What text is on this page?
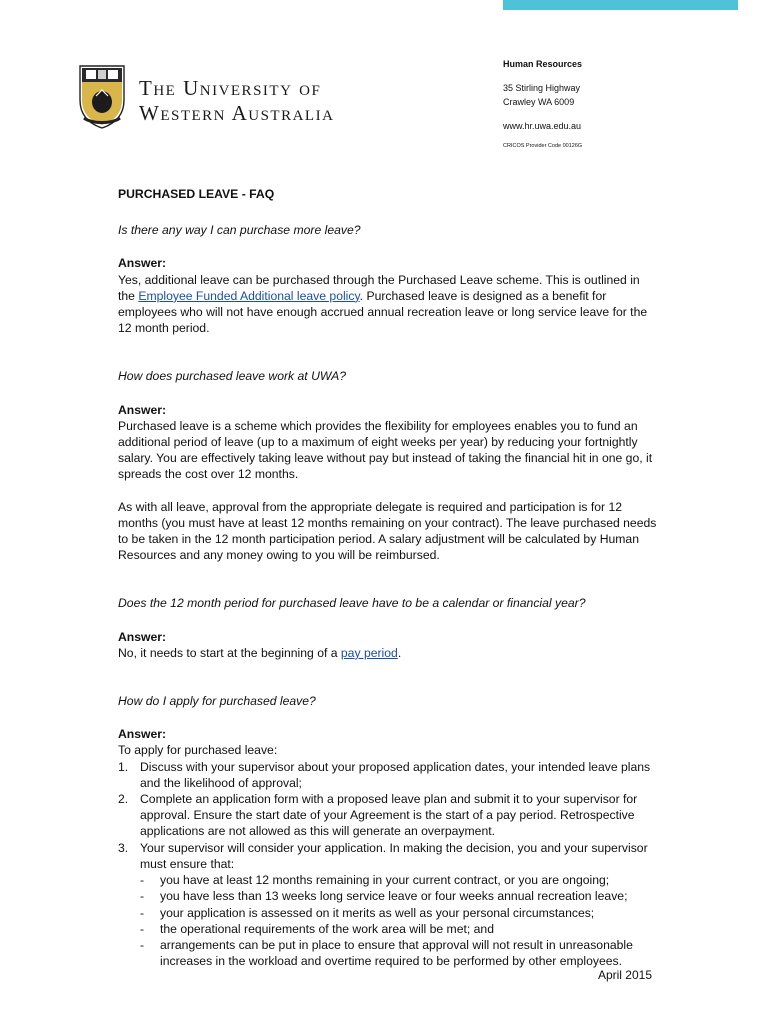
The University of
Western Australia
Human Resources
35 Stirling Highway
Crawley WA 6009
www.hr.uwa.edu.au
CRICOS Provider Code 00126G

PURCHASED LEAVE - FAQ

Is there any way I can purchase more leave?

Answer:

Yes, additional leave can be purchased through the Purchased Leave scheme. This is outlined in the Employee Funded Additional leave policy. Purchased leave is designed as a benefit for employees who will not have enough accrued annual recreation leave or long service leave for the 12 month period.

How does purchased leave work at UWA?

Answer:

Purchased leave is a scheme which provides the flexibility for employees enables you to fund an additional period of leave (up to a maximum of eight weeks per year) by reducing your fortnightly salary. You are effectively taking leave without pay but instead of taking the financial hit in one go, it spreads the cost over 12 months.

As with all leave, approval from the appropriate delegate is required and participation is for 12 months (you must have at least 12 months remaining on your contract). The leave purchased needs to be taken in the 12 month participation period. A salary adjustment will be calculated by Human Resources and any money owing to you will be reimbursed.

Does the 12 month period for purchased leave have to be a calendar or financial year?

Answer:

No, it needs to start at the beginning of a pay period.

How do I apply for purchased leave?

Answer:

To apply for purchased leave:

1. Discuss with your supervisor about your proposed application dates, your intended leave plans and the likelihood of approval;
2. Complete an application form with a proposed leave plan and submit it to your supervisor for approval. Ensure the start date of your Agreement is the start of a pay period. Retrospective applications are not allowed as this will generate an overpayment.
3. Your supervisor will consider your application. In making the decision, you and your supervisor must ensure that:
- you have at least 12 months remaining in your current contract, or you are ongoing;
- you have less than 13 weeks long service leave or four weeks annual recreation leave;
- your application is assessed on it merits as well as your personal circumstances;
- the operational requirements of the work area will be met; and
- arrangements can be put in place to ensure that approval will not result in unreasonable increases in the workload and overtime required to be performed by other employees.
April 2015
